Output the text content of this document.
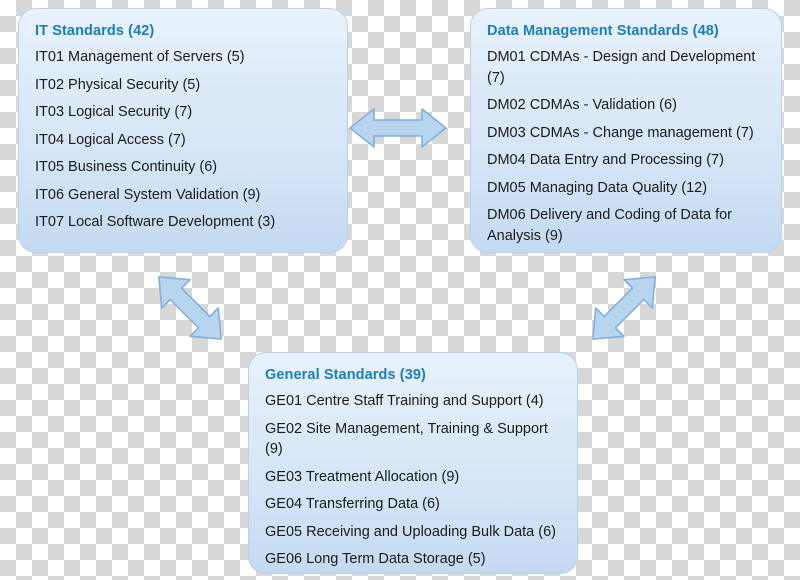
IT Standards (42)
IT01 Management of Servers (5)
IT02 Physical Security (5)
IT03 Logical Security (7)
IT04 Logical Access (7)
IT05 Business Continuity (6)
IT06 General System Validation (9)
IT07 Local Software Development (3)
Data Management Standards (48)
DM01 CDMAs - Design and Development (7)
DM02 CDMAs - Validation (6)
DM03 CDMAs - Change management (7)
DM04 Data Entry and Processing (7)
DM05 Managing Data Quality (12)
DM06 Delivery and Coding of Data for Analysis (9)
General Standards (39)
GE01 Centre Staff Training and Support (4)
GE02 Site Management, Training & Support (9)
GE03 Treatment Allocation (9)
GE04 Transferring Data (6)
GE05 Receiving and Uploading Bulk Data (6)
GE06 Long Term Data Storage (5)
